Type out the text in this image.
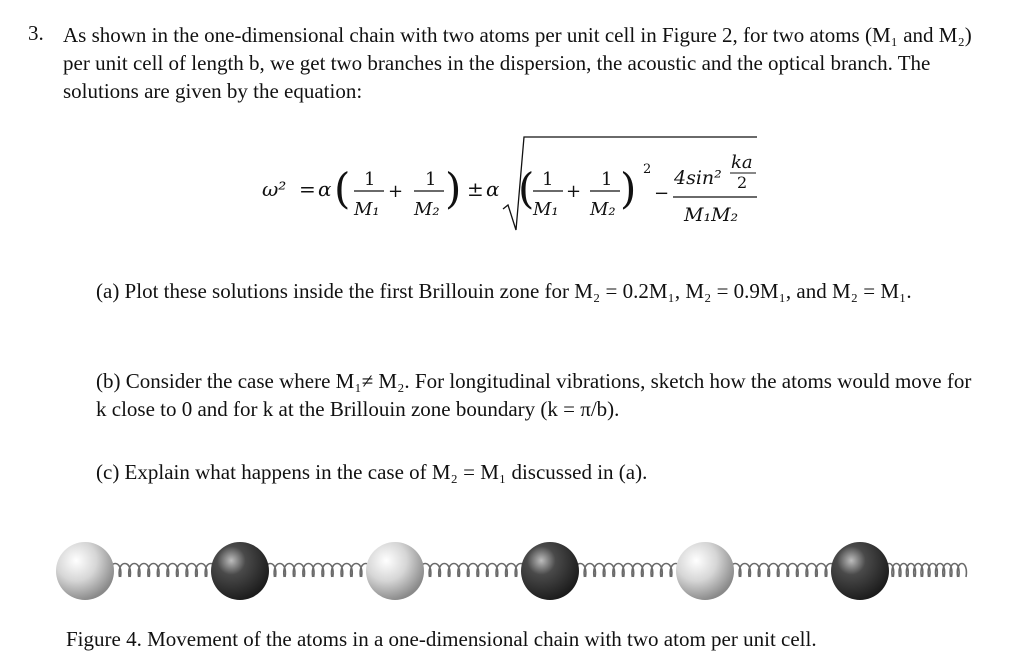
3. As shown in the one-dimensional chain with two atoms per unit cell in Figure 2, for two atoms (M₁ and M₂) per unit cell of length b, we get two branches in the dispersion, the acoustic and the optical branch. The solutions are given by the equation:
ω² = α ( 1
M₁
+
1
M₂ ) ± α ( 1
M₁
+
1
M₂ ) 2
−
4sin²
ka
2
M₁M₂
(a) Plot these solutions inside the first Brillouin zone for M₂ = 0.2M₁, M₂ = 0.9M₁, and M₂ = M₁.
(b) Consider the case where M₁≠ M₂. For longitudinal vibrations, sketch how the atoms would move for k close to 0 and for k at the Brillouin zone boundary (k = π/b).
(c) Explain what happens in the case of M₂ = M₁ discussed in (a).
Figure 4. Movement of the atoms in a one-dimensional chain with two atom per unit cell.
